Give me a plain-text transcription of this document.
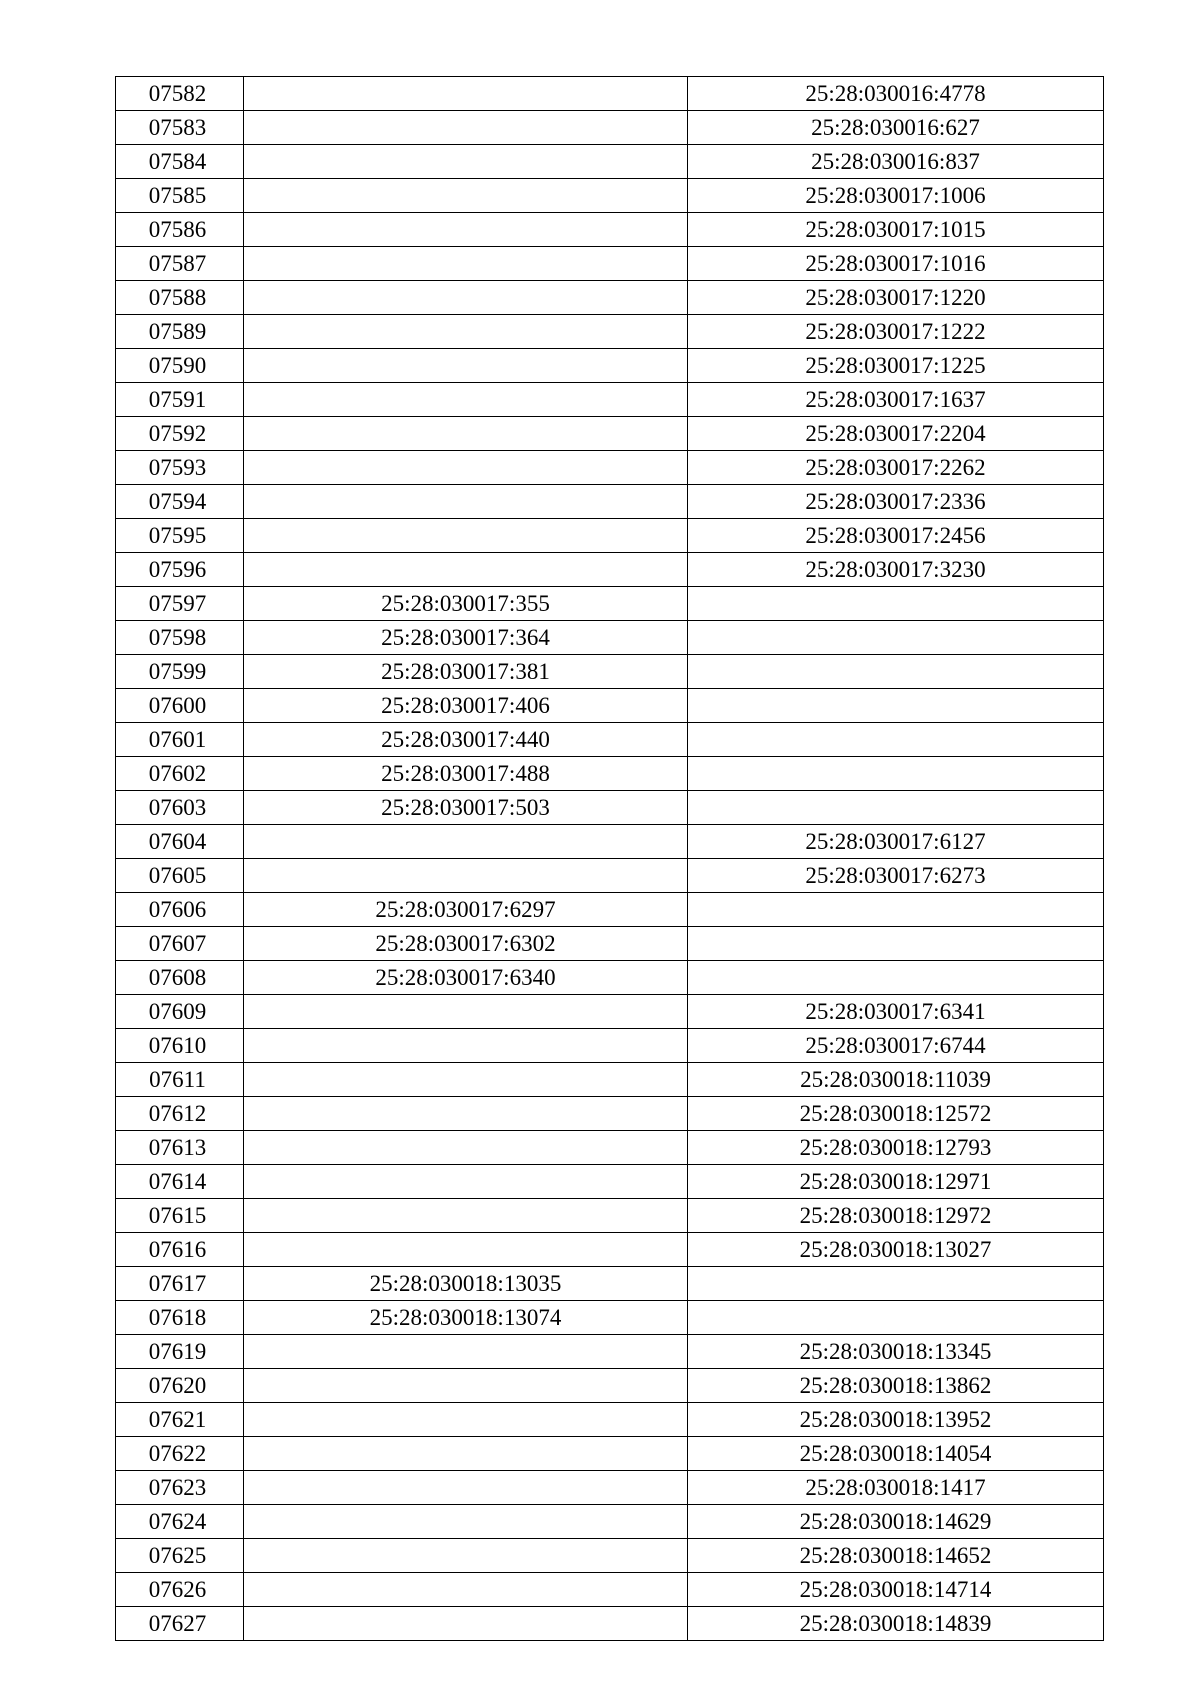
07582		25:28:030016:4778
07583		25:28:030016:627
07584		25:28:030016:837
07585		25:28:030017:1006
07586		25:28:030017:1015
07587		25:28:030017:1016
07588		25:28:030017:1220
07589		25:28:030017:1222
07590		25:28:030017:1225
07591		25:28:030017:1637
07592		25:28:030017:2204
07593		25:28:030017:2262
07594		25:28:030017:2336
07595		25:28:030017:2456
07596		25:28:030017:3230
07597	25:28:030017:355	
07598	25:28:030017:364	
07599	25:28:030017:381	
07600	25:28:030017:406	
07601	25:28:030017:440	
07602	25:28:030017:488	
07603	25:28:030017:503	
07604		25:28:030017:6127
07605		25:28:030017:6273
07606	25:28:030017:6297	
07607	25:28:030017:6302	
07608	25:28:030017:6340	
07609		25:28:030017:6341
07610		25:28:030017:6744
07611		25:28:030018:11039
07612		25:28:030018:12572
07613		25:28:030018:12793
07614		25:28:030018:12971
07615		25:28:030018:12972
07616		25:28:030018:13027
07617	25:28:030018:13035	
07618	25:28:030018:13074	
07619		25:28:030018:13345
07620		25:28:030018:13862
07621		25:28:030018:13952
07622		25:28:030018:14054
07623		25:28:030018:1417
07624		25:28:030018:14629
07625		25:28:030018:14652
07626		25:28:030018:14714
07627		25:28:030018:14839
